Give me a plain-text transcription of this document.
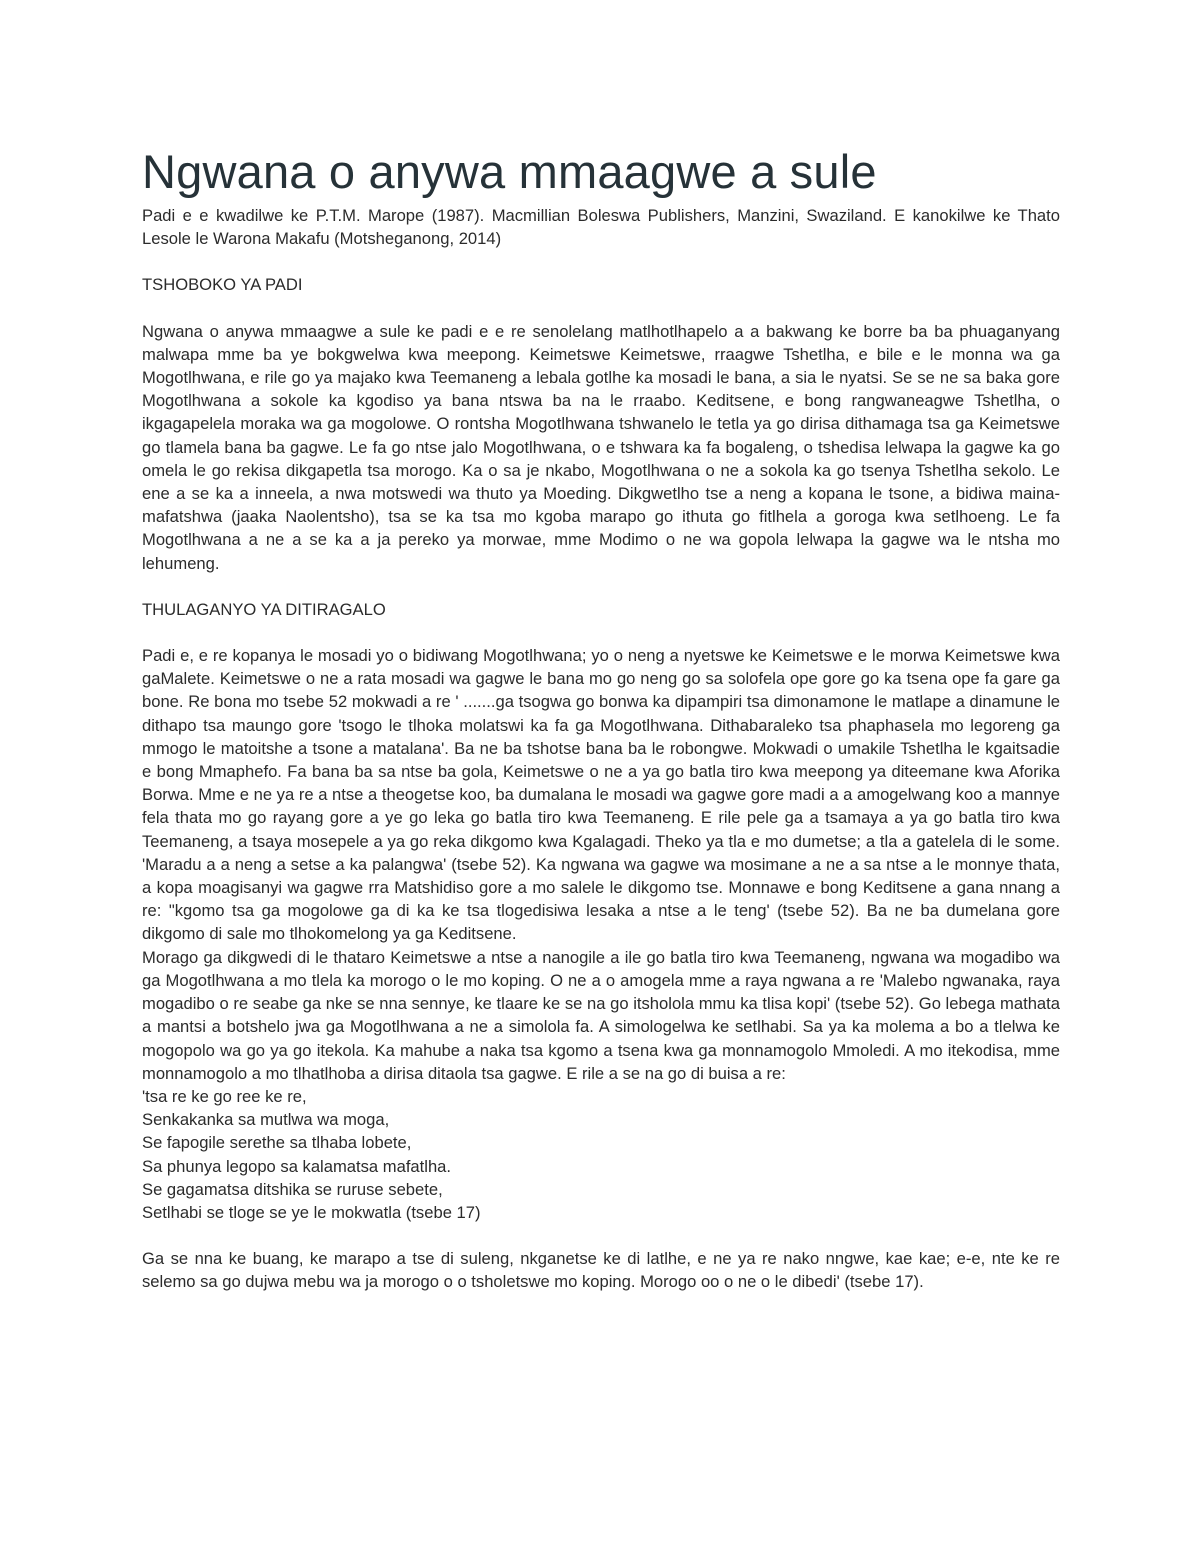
Ngwana o anywa mmaagwe a sule

Padi e e kwadilwe ke P.T.M. Marope (1987). Macmillian Boleswa Publishers, Manzini, Swaziland. E kanokilwe ke Thato Lesole le Warona Makafu (Motsheganong, 2014)

TSHOBOKO YA PADI

Ngwana o anywa mmaagwe a sule ke padi e e re senolelang matlhotlhapelo a a bakwang ke borre ba ba phuaganyang malwapa mme ba ye bokgwelwa kwa meepong. Keimetswe Keimetswe, rraagwe Tshetlha, e bile e le monna wa ga Mogotlhwana, e rile go ya majako kwa Teemaneng a lebala gotlhe ka mosadi le bana, a sia le nyatsi. Se se ne sa baka gore Mogotlhwana a sokole ka kgodiso ya bana ntswa ba na le rraabo. Keditsene, e bong rangwaneagwe Tshetlha, o ikgagapelela moraka wa ga mogolowe. O rontsha Mogotlhwana tshwanelo le tetla ya go dirisa dithamaga tsa ga Keimetswe go tlamela bana ba gagwe. Le fa go ntse jalo Mogotlhwana, o e tshwara ka fa bogaleng, o tshedisa lelwapa la gagwe ka go omela le go rekisa dikgapetla tsa morogo. Ka o sa je nkabo, Mogotlhwana o ne a sokola ka go tsenya Tshetlha sekolo. Le ene a se ka a inneela, a nwa motswedi wa thuto ya Moeding. Dikgwetlho tse a neng a kopana le tsone, a bidiwa maina-mafatshwa (jaaka Naolentsho), tsa se ka tsa mo kgoba marapo go ithuta go fitlhela a goroga kwa setlhoeng. Le fa Mogotlhwana a ne a se ka a ja pereko ya morwae, mme Modimo o ne wa gopola lelwapa la gagwe wa le ntsha mo lehumeng.

THULAGANYO YA DITIRAGALO

Padi e, e re kopanya le mosadi yo o bidiwang Mogotlhwana; yo o neng a nyetswe ke Keimetswe e le morwa Keimetswe kwa gaMalete. Keimetswe o ne a rata mosadi wa gagwe le bana mo go neng go sa solofela ope gore go ka tsena ope fa gare ga bone. Re bona mo tsebe 52 mokwadi a re ' .......ga tsogwa go bonwa ka dipampiri tsa dimonamone le matlape a dinamune le dithapo tsa maungo gore 'tsogo le tlhoka molatswi ka fa ga Mogotlhwana. Dithabaraleko tsa phaphasela mo legoreng ga mmogo le matoitshe a tsone a matalana'. Ba ne ba tshotse bana ba le robongwe. Mokwadi o umakile Tshetlha le kgaitsadie e bong Mmaphefo. Fa bana ba sa ntse ba gola, Keimetswe o ne a ya go batla tiro kwa meepong ya diteemane kwa Aforika Borwa. Mme e ne ya re a ntse a theogetse koo, ba dumalana le mosadi wa gagwe gore madi a a amogelwang koo a mannye fela thata mo go rayang gore a ye go leka go batla tiro kwa Teemaneng. E rile pele ga a tsamaya a ya go batla tiro kwa Teemaneng, a tsaya mosepele a ya go reka dikgomo kwa Kgalagadi. Theko ya tla e mo dumetse; a tla a gatelela di le some. 'Maradu a a neng a setse a ka palangwa' (tsebe 52). Ka ngwana wa gagwe wa mosimane a ne a sa ntse a le monnye thata, a kopa moagisanyi wa gagwe rra Matshidiso gore a mo salele le dikgomo tse. Monnawe e bong Keditsene a gana nnang a re: "kgomo tsa ga mogolowe ga di ka ke tsa tlogedisiwa lesaka a ntse a le teng' (tsebe 52). Ba ne ba dumelana gore dikgomo di sale mo tlhokomelong ya ga Keditsene.

Morago ga dikgwedi di le thataro Keimetswe a ntse a nanogile a ile go batla tiro kwa Teemaneng, ngwana wa mogadibo wa ga Mogotlhwana a mo tlela ka morogo o le mo koping. O ne a o amogela mme a raya ngwana a re 'Malebo ngwanaka, raya mogadibo o re seabe ga nke se nna sennye, ke tlaare ke se na go itsholola mmu ka tlisa kopi' (tsebe 52). Go lebega mathata a mantsi a botshelo jwa ga Mogotlhwana a ne a simolola fa. A simologelwa ke setlhabi. Sa ya ka molema a bo a tlelwa ke mogopolo wa go ya go itekola. Ka mahube a naka tsa kgomo a tsena kwa ga monnamogolo Mmoledi. A mo itekodisa, mme monnamogolo a mo tlhatlhoba a dirisa ditaola tsa gagwe. E rile a se na go di buisa a re:

'tsa re ke go ree ke re,

Senkakanka sa mutlwa wa moga,

Se fapogile serethe sa tlhaba lobete,

Sa phunya legopo sa kalamatsa mafatlha.

Se gagamatsa ditshika se ruruse sebete,

Setlhabi se tloge se ye le mokwatla (tsebe 17)

Ga se nna ke buang, ke marapo a tse di suleng, nkganetse ke di latlhe, e ne ya re nako nngwe, kae kae; e-e, nte ke re selemo sa go dujwa mebu wa ja morogo o o tsholetswe mo koping. Morogo oo o ne o le dibedi' (tsebe 17).
